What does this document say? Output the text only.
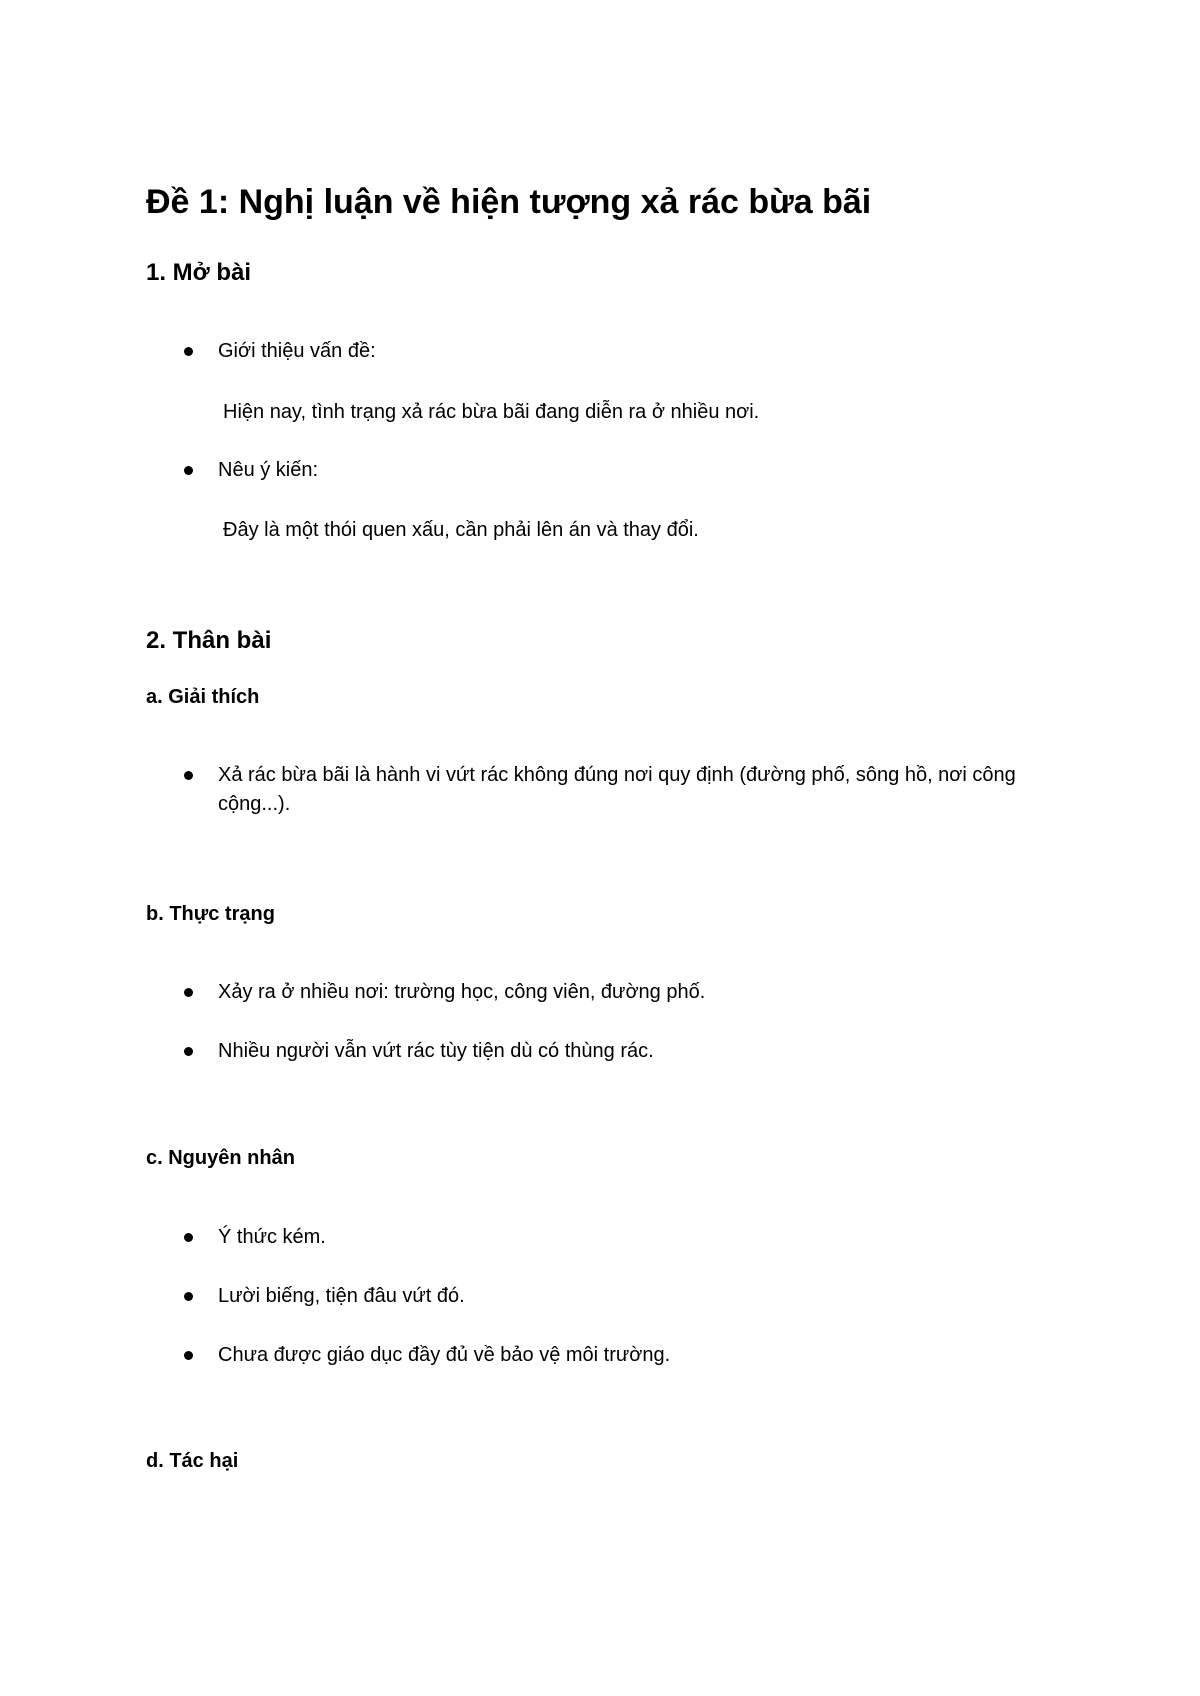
Đề 1: Nghị luận về hiện tượng xả rác bừa bãi
1. Mở bài
Giới thiệu vấn đề:
Hiện nay, tình trạng xả rác bừa bãi đang diễn ra ở nhiều nơi.
Nêu ý kiến:
Đây là một thói quen xấu, cần phải lên án và thay đổi.
2. Thân bài
a. Giải thích
Xả rác bừa bãi là hành vi vứt rác không đúng nơi quy định (đường phố, sông hồ, nơi công cộng...).
b. Thực trạng
Xảy ra ở nhiều nơi: trường học, công viên, đường phố.
Nhiều người vẫn vứt rác tùy tiện dù có thùng rác.
c. Nguyên nhân
Ý thức kém.
Lười biếng, tiện đâu vứt đó.
Chưa được giáo dục đầy đủ về bảo vệ môi trường.
d. Tác hại
